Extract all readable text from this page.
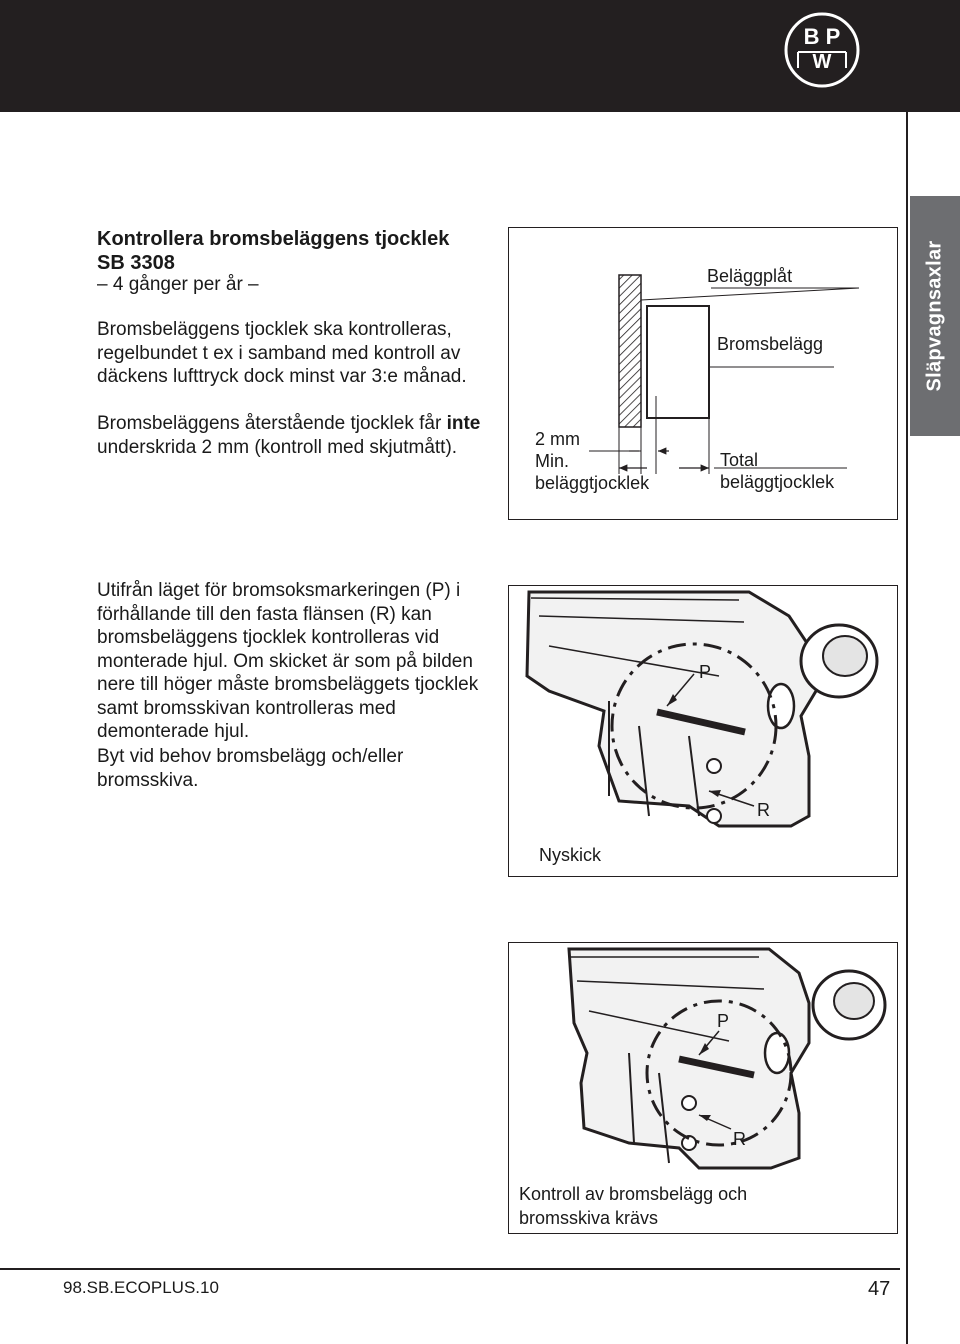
B P
W
Släpvagnsaxlar
Kontrollera bromsbeläggens tjocklek
SB 3308

– 4 gånger per år –

Bromsbeläggens tjocklek ska kontrolleras, regelbundet t ex i samband med kontroll av däckens lufttryck dock minst var 3:e månad.

Bromsbeläggens återstående tjocklek får inte underskrida 2 mm (kontroll med skjutmått).

Utifrån läget för bromsoksmarkeringen (P) i förhållande till den fasta flänsen (R) kan bromsbeläggens tjocklek kontrolleras vid monterade hjul. Om skicket är som på bilden nere till höger måste bromsbeläggets tjocklek samt bromsskivan kontrolleras med demonterade hjul.

Byt vid behov bromsbelägg och/eller bromsskiva.

Beläggplåt
Bromsbelägg
2 mm
Min.
beläggtjocklek
Total
beläggtjocklek
P
R
Nyskick
P
R
Kontroll av bromsbelägg och
bromsskiva krävs
98.SB.ECOPLUS.10	47
